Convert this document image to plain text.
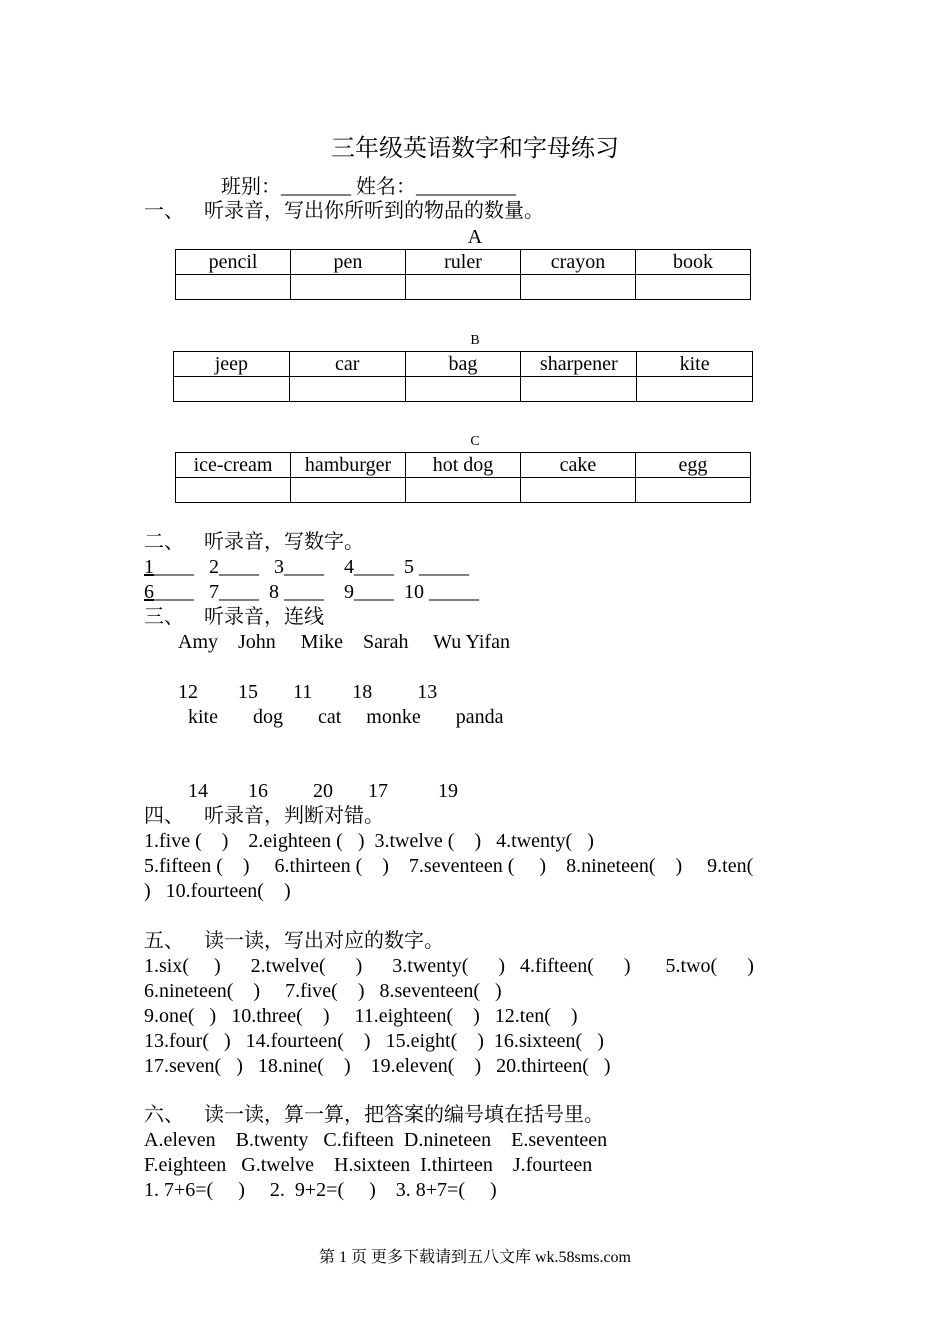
三年级英语数字和字母练习
班别：_______ 姓名：__________
一、    听录音，写出你所听到的物品的数量。
A
pencil	pen	ruler	crayon	book

B
jeep	car	bag	sharpener	kite

C
ice-cream	hamburger	hot dog	cake	egg

二、    听录音，写数字。
1____   2____   3____    4____  5 _____
6____   7____  8 ____    9____  10 _____
三、    听录音，连线
Amy    John     Mike    Sarah     Wu Yifan
12        15       11        18         13
kite       dog       cat     monke       panda
14        16         20       17          19
四、    听录音，判断对错。
1.five (    )    2.eighteen (   )  3.twelve (    )   4.twenty(   )
5.fifteen (    )     6.thirteen (    )    7.seventeen (     )    8.nineteen(    )     9.ten(
)   10.fourteen(    )
五、    读一读，写出对应的数字。
1.six(     )      2.twelve(      )      3.twenty(      )   4.fifteen(      )       5.two(      )
6.nineteen(    )     7.five(    )   8.seventeen(   )
9.one(   )   10.three(    )     11.eighteen(    )   12.ten(    )
13.four(   )   14.fourteen(    )   15.eight(    )  16.sixteen(   )
17.seven(   )   18.nine(    )    19.eleven(    )   20.thirteen(   )
六、    读一读，算一算，把答案的编号填在括号里。
A.eleven    B.twenty   C.fifteen  D.nineteen    E.seventeen
F.eighteen   G.twelve    H.sixteen  I.thirteen    J.fourteen
1. 7+6=(     )     2.  9+2=(     )    3. 8+7=(     )
第 1 页 更多下载请到五八文库 wk.58sms.com
